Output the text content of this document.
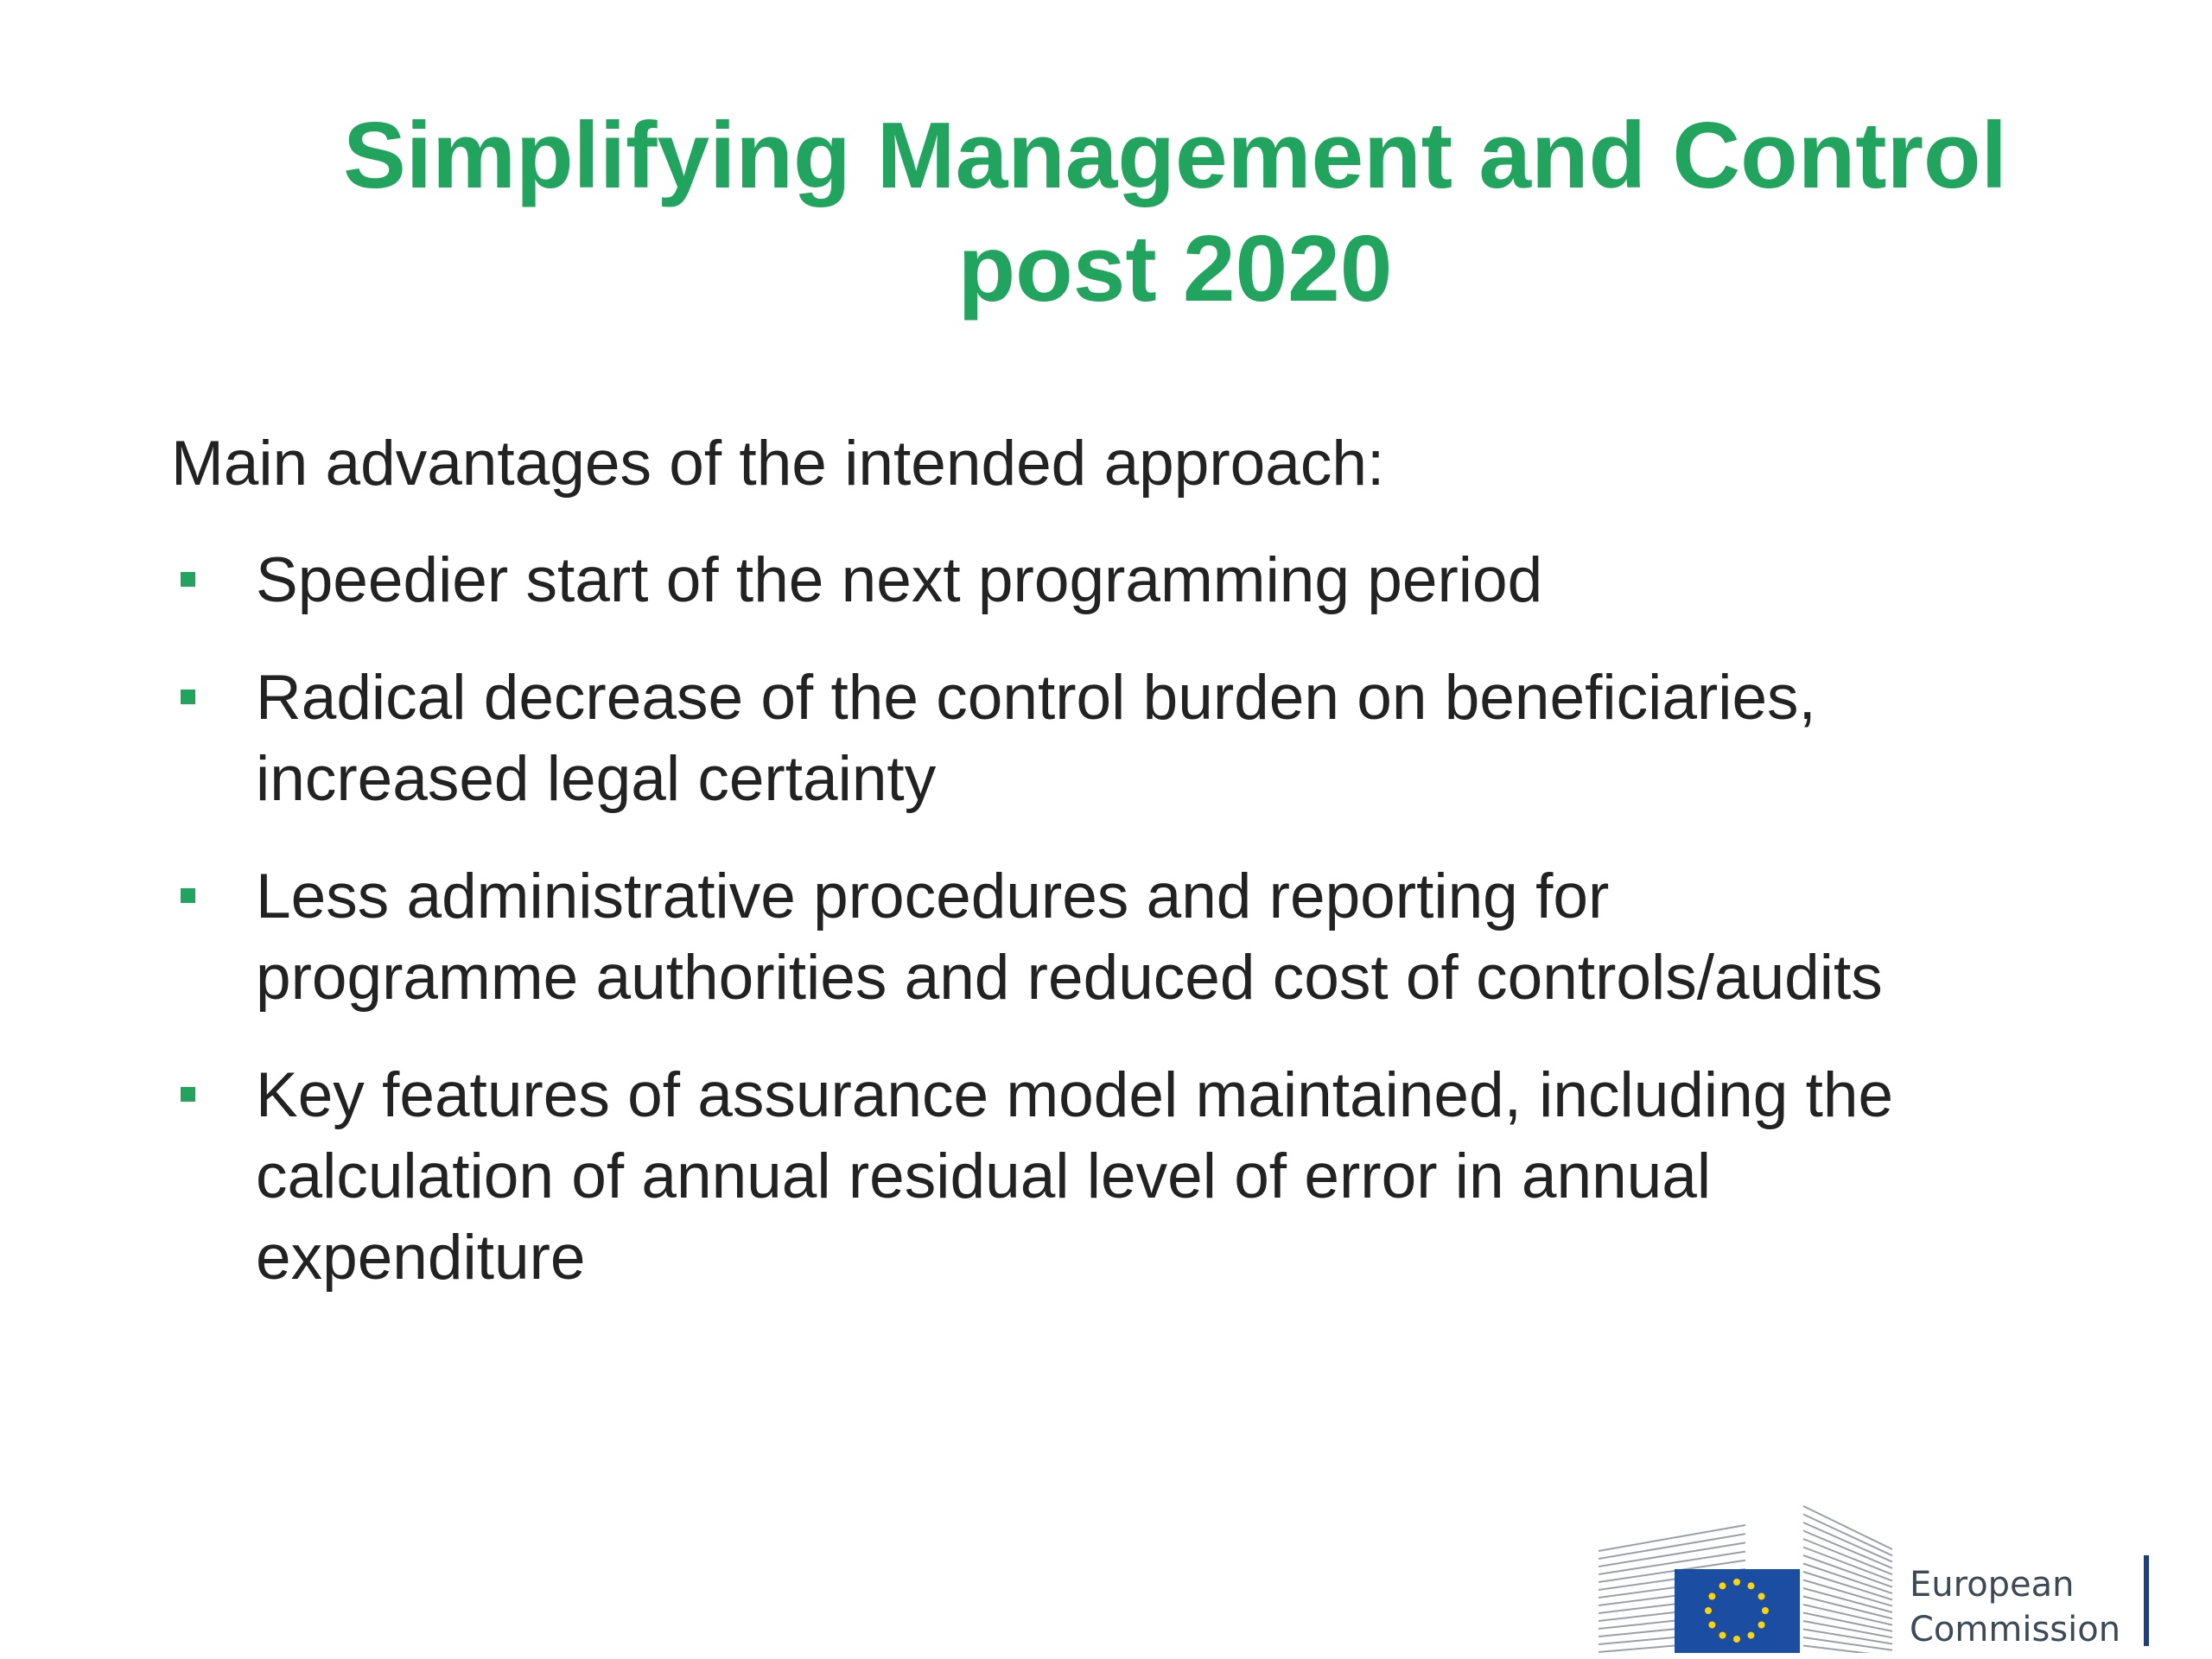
Simplifying Management and Control
post 2020

Main advantages of the intended approach:

Speedier start of the next programming period
Radical decrease of the control burden on beneficiaries,
increased legal certainty
Less administrative procedures and reporting for
programme authorities and reduced cost of controls/audits
Key features of assurance model maintained, including the
calculation of annual residual level of error in annual
expenditure
European
Commission
